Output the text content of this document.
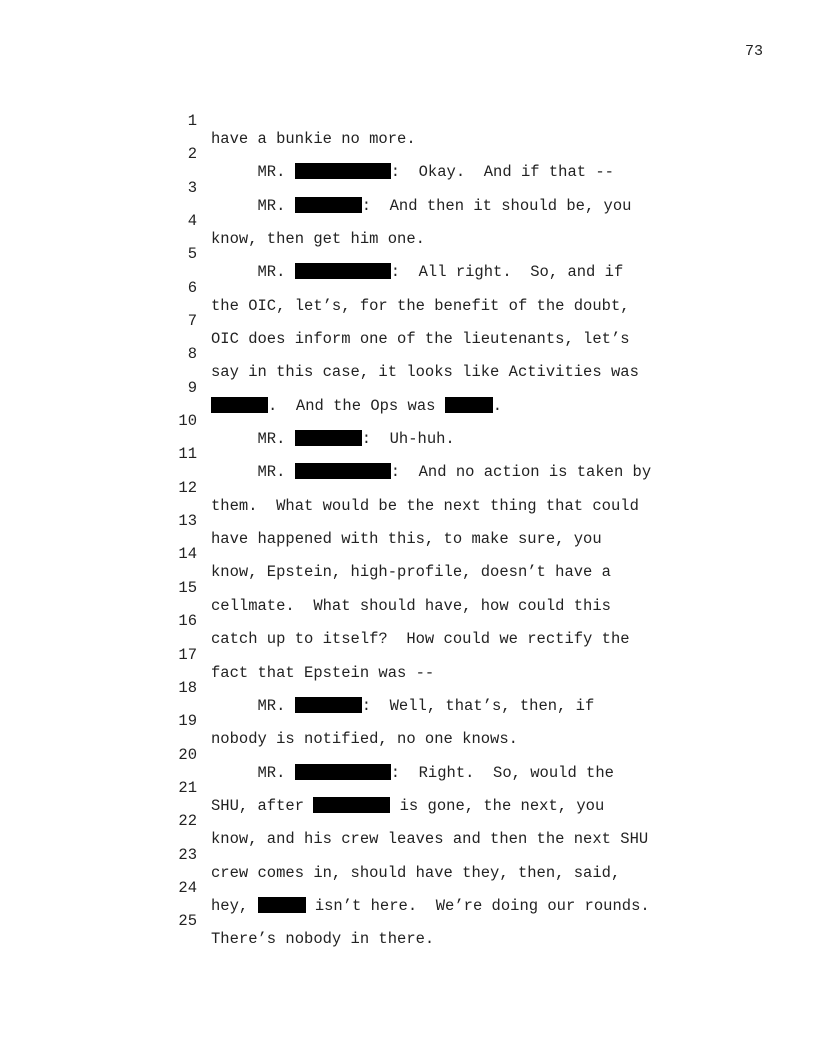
73

1

have a bunkie no more.

2

MR.	:  Okay.  And if that --

3

MR.	:  And then it should be, you

4

know, then get him one.

5

MR.	:  All right.  So, and if

6

the OIC, let’s, for the benefit of the doubt,

7

OIC does inform one of the lieutenants, let’s

8

say in this case, it looks like Activities was

9

.  And the Ops was	.

10

MR.	:  Uh-huh.

11

MR.	:  And no action is taken by

12

them.  What would be the next thing that could

13

have happened with this, to make sure, you

14

know, Epstein, high-profile, doesn’t have a

15

cellmate.  What should have, how could this

16

catch up to itself?  How could we rectify the

17

fact that Epstein was --

18

MR.	:  Well, that’s, then, if

19

nobody is notified, no one knows.

20

MR.	:  Right.  So, would the

21

SHU, after	is gone, the next, you

22

know, and his crew leaves and then the next SHU

23

crew comes in, should have they, then, said,

24

hey,	isn’t here.  We’re doing our rounds.

25

There’s nobody in there.
